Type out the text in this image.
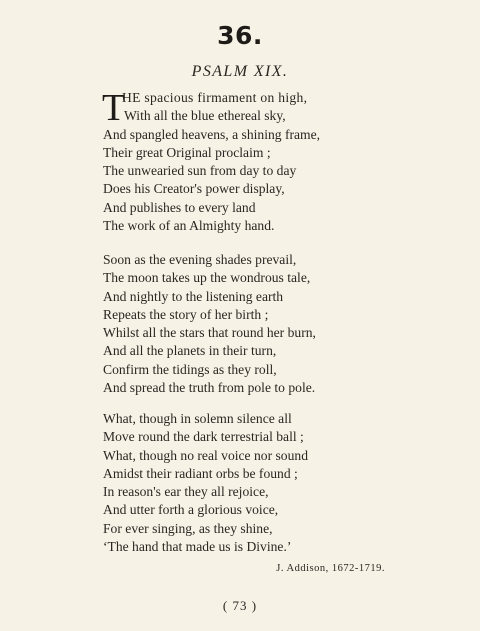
36.
PSALM XIX.
T
HE spacious firmament on high,
With all the blue ethereal sky,
And spangled heavens, a shining frame,
Their great Original proclaim ;
The unwearied sun from day to day
Does his Creator's power display,
And publishes to every land
The work of an Almighty hand.
Soon as the evening shades prevail,
The moon takes up the wondrous tale,
And nightly to the listening earth
Repeats the story of her birth ;
Whilst all the stars that round her burn,
And all the planets in their turn,
Confirm the tidings as they roll,
And spread the truth from pole to pole.
What, though in solemn silence all
Move round the dark terrestrial ball ;
What, though no real voice nor sound
Amidst their radiant orbs be found ;
In reason's ear they all rejoice,
And utter forth a glorious voice,
For ever singing, as they shine,
‘The hand that made us is Divine.’
J. Addison, 1672-1719.
( 73 )
